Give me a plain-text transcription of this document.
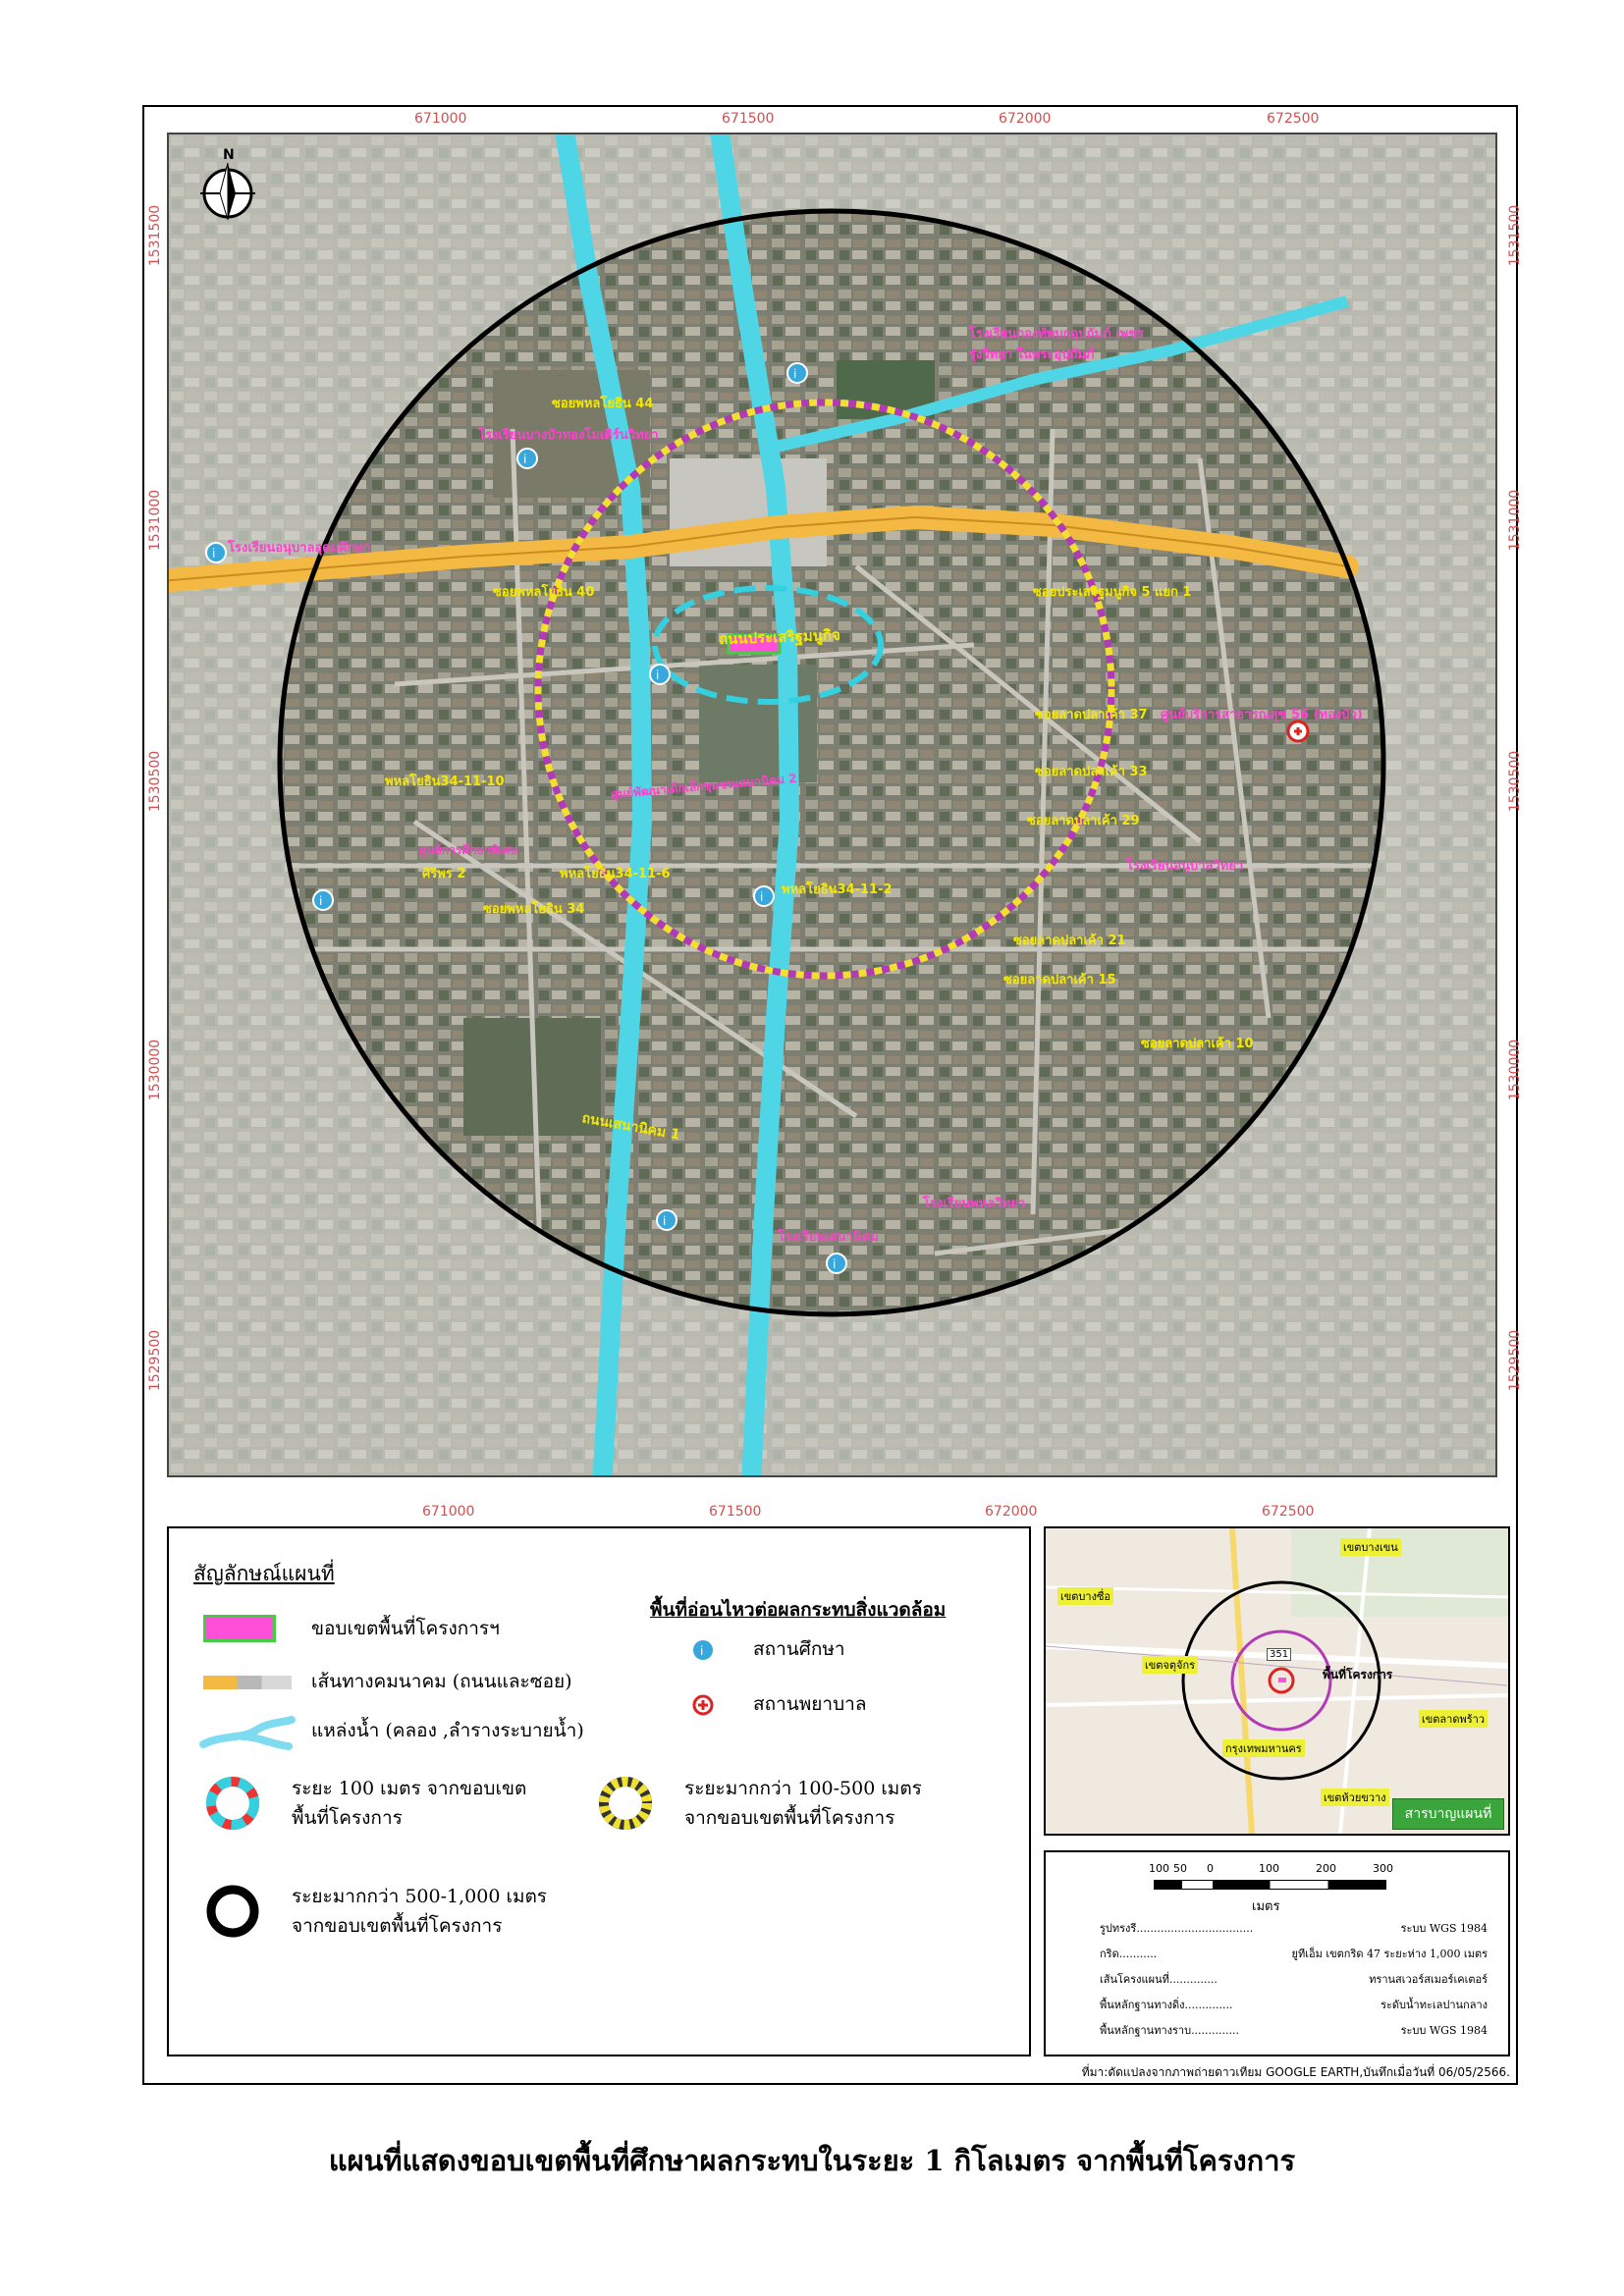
671000	671500	672000	672500
671000	671500	672000	672500
1531500
1531000
1530500
1530000
1529500
1531500
1531000
1530500
1530000
1529500
N
i
i
i
i
i	i
i
i
ถนนประเสริฐมนูกิจ
ถนนเสนานิคม 1
ซอยพหลโยธิน 44
ซอยพหลโยธิน 40
ซอยพหลโยธิน 34
พหลโยธิน34-11-10
พหลโยธิน34-11-6
พหลโยธิน34-11-2
ศิริพร 2
ซอยลาดปลาเค้า 37
ซอยลาดปลาเค้า 33
ซอยลาดปลาเค้า 29
ซอยลาดปลาเค้า 21
ซอยลาดปลาเค้า 15
ซอยลาดปลาเค้า 10
ซอยประเสริฐมนูกิจ 5 แยก 1
โรงเรียนกองทัพบกอุปถัมภ์ เพชรรุ่งวิทยา ในพระอุปถัมภ์
โรงเรียนบางบัวทองโมเดิร์นวิทยา
โรงเรียนอนุบาลอุดมศึกษา
ศูนย์พัฒนาเด็กเล็กชุมชนเสนานิคม 2
ศูนย์การศึกษาพิเศษ
ศูนย์บริการสาธารณสุข 56 (ทองบัว)
โรงเรียนอนุบาลวิทยา
โรงเรียนพหลวิทยา
โรงเรียนเสนานิคม
สัญลักษณ์แผนที่
พื้นที่อ่อนไหวต่อผลกระทบสิ่งแวดล้อม
ขอบเขตพื้นที่โครงการฯ
เส้นทางคมนาคม (ถนนและซอย)
แหล่งน้ำ (คลอง ,ลำรางระบายน้ำ)
ระยะ 100 เมตร จากขอบเขต
พื้นที่โครงการ
ระยะมากกว่า 100-500 เมตร
จากขอบเขตพื้นที่โครงการ
ระยะมากกว่า 500-1,000 เมตร
จากขอบเขตพื้นที่โครงการ
i	สถานศึกษา
สถานพยาบาล
เขตบางเขน
เขตจตุจักร
กรุงเทพมหานคร
เขตลาดพร้าว
เขตบางซื่อ
เขตห้วยขวาง
351
พื้นที่โครงการ
สารบาญแผนที่
100 50 0	100	200	300
เมตร
รูปทรงรี..................................	ระบบ WGS 1984
กริด...........	ยูทีเอ็ม เขตกริด 47 ระยะห่าง 1,000 เมตร
เส้นโครงแผนที่..............	ทรานสเวอร์สเมอร์เคเตอร์
พื้นหลักฐานทางดิ่ง..............	ระดับน้ำทะเลปานกลาง
พื้นหลักฐานทางราบ..............	ระบบ WGS 1984
ที่มา:ดัดแปลงจากภาพถ่ายดาวเทียม GOOGLE EARTH,บันทึกเมื่อวันที่ 06/05/2566.
แผนที่แสดงขอบเขตพื้นที่ศึกษาผลกระทบในระยะ 1 กิโลเมตร จากพื้นที่โครงการ
